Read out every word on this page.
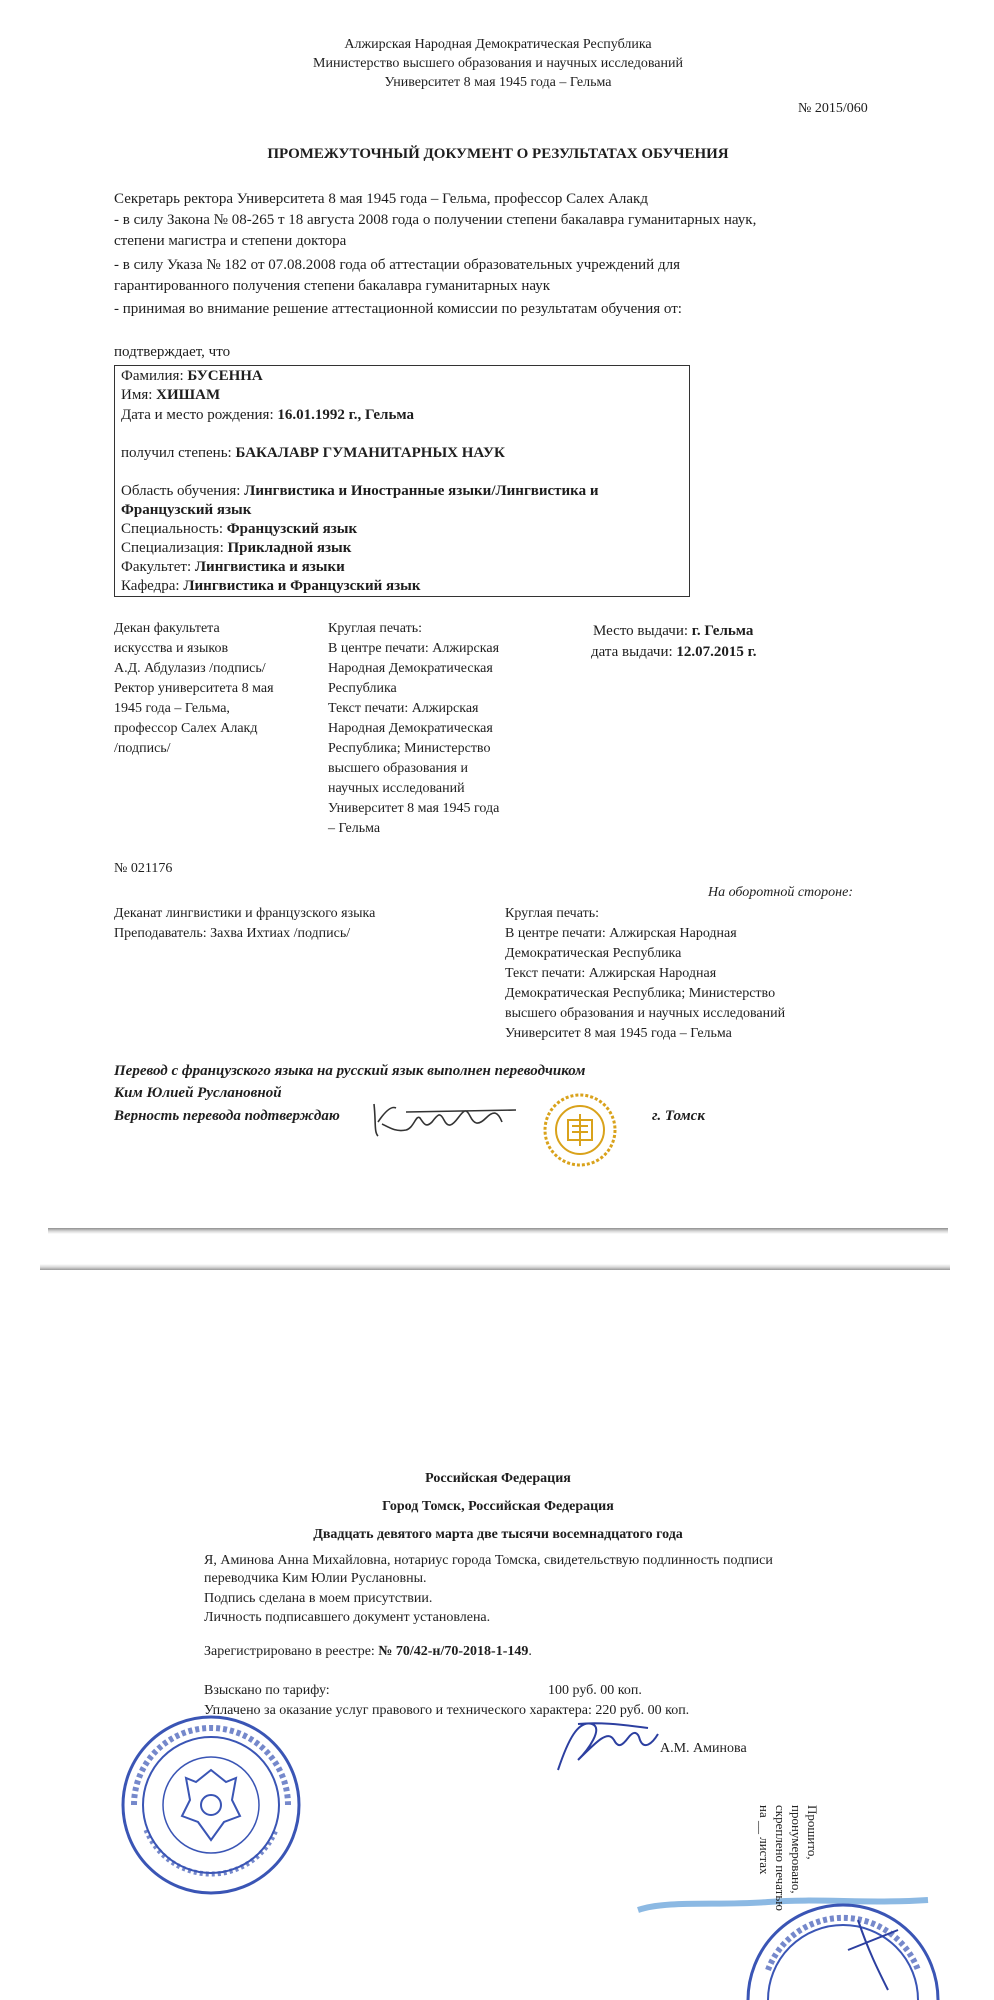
Алжирская Народная Демократическая Республика
Министерство высшего образования и научных исследований
Университет 8 мая 1945 года – Гельма
№ 2015/060
ПРОМЕЖУТОЧНЫЙ ДОКУМЕНТ О РЕЗУЛЬТАТАХ ОБУЧЕНИЯ
Секретарь ректора Университета 8 мая 1945 года – Гельма, профессор Салех Алакд
- в силу Закона № 08-265 т 18 августа 2008 года о получении степени бакалавра гуманитарных наук,
степени магистра и степени доктора
- в силу Указа № 182 от 07.08.2008 года об аттестации образовательных учреждений для
гарантированного получения степени бакалавра гуманитарных наук
- принимая во внимание решение аттестационной комиссии по результатам обучения от:
подтверждает, что
Фамилия: БУСЕННА
Имя: ХИШАМ
Дата и место рождения: 16.01.1992 г., Гельма
получил степень: БАКАЛАВР ГУМАНИТАРНЫХ НАУК
Область обучения: Лингвистика и Иностранные языки/Лингвистика и
Французский язык
Специальность: Французский язык
Специализация: Прикладной язык
Факультет: Лингвистика и языки
Кафедра: Лингвистика и Французский язык
Декан факультета
искусства и языков
А.Д. Абдулазиз /подпись/
Ректор университета 8 мая
1945 года – Гельма,
профессор Салех Алакд
/подпись/
Круглая печать:
В центре печати: Алжирская
Народная Демократическая
Республика
Текст печати: Алжирская
Народная Демократическая
Республика; Министерство
высшего образования и
научных исследований
Университет 8 мая 1945 года
– Гельма
Место выдачи: г. Гельма
дата выдачи: 12.07.2015 г.
№ 021176
На оборотной стороне:
Деканат лингвистики и французского языка
Преподаватель: Захва Ихтиах /подпись/
Круглая печать:
В центре печати: Алжирская Народная
Демократическая Республика
Текст печати: Алжирская Народная
Демократическая Республика; Министерство
высшего образования и научных исследований
Университет 8 мая 1945 года – Гельма
Перевод с французского языка на русский язык выполнен переводчиком
Ким Юлией Руслановной
Верность перевода подтверждаю	г. Томск
Российская Федерация
Город Томск, Российская Федерация
Двадцать девятого марта две тысячи восемнадцатого года
Я, Аминова Анна Михайловна, нотариус города Томска, свидетельствую подлинность подписи
переводчика Ким Юлии Руслановны.
Подпись сделана в моем присутствии.
Личность подписавшего документ установлена.
Зарегистрировано в реестре: № 70/42-н/70-2018-1-149.
Взыскано по тарифу:	100 руб. 00 коп.
Уплачено за оказание услуг правового и технического характера: 220 руб. 00 коп.
А.М. Аминова
Прошито,
пронумеровано,
скреплено печатью
на __ листах
